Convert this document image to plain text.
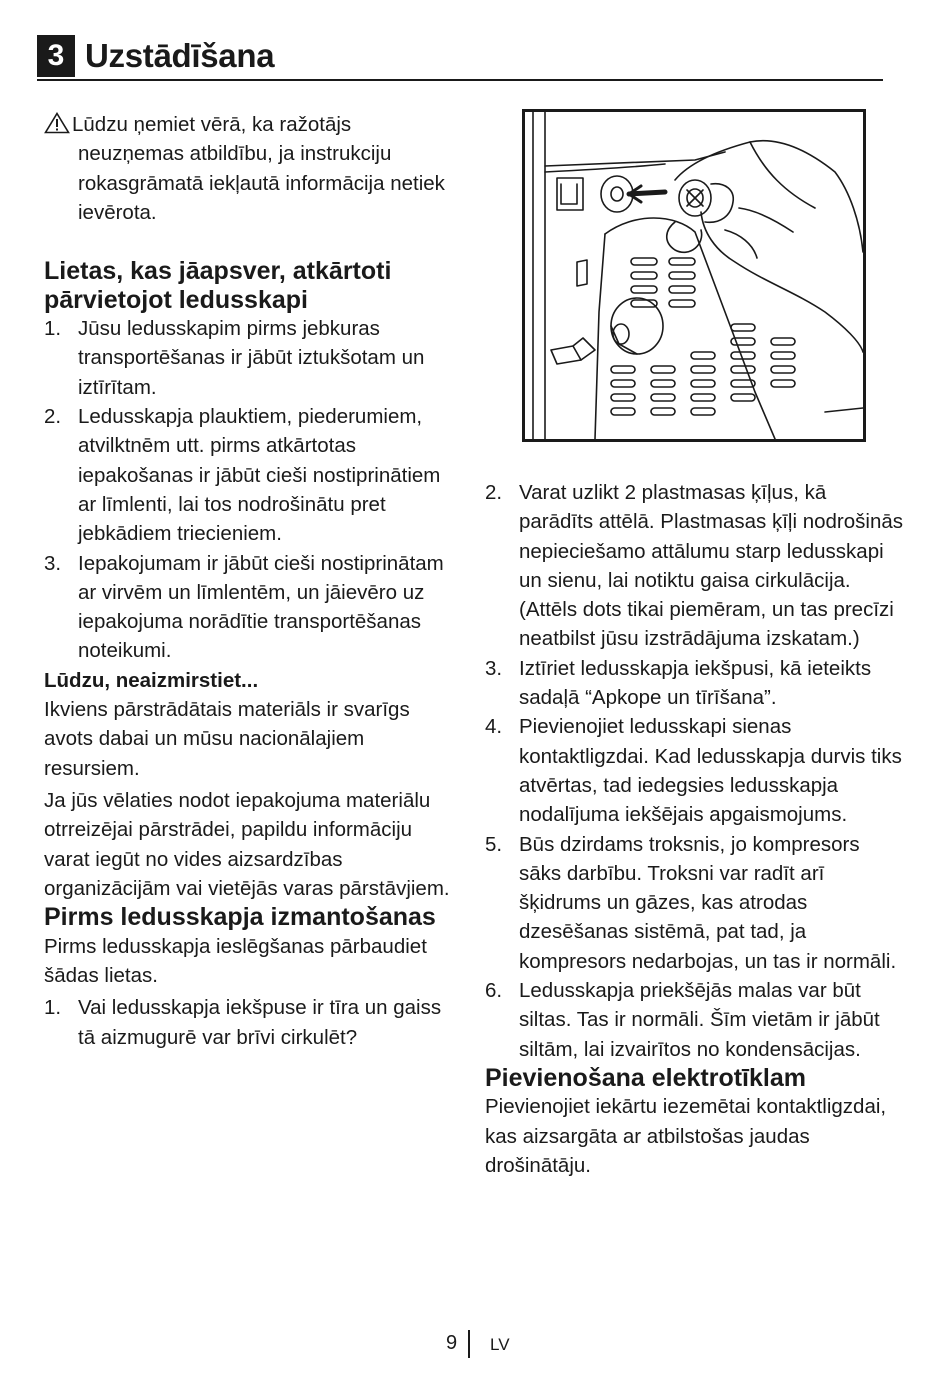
3 Uzstādīšana

Lūdzu ņemiet vērā, ka ražotājs neuzņemas atbildību, ja instrukciju rokasgrāmatā iekļautā informācija netiek ievērota.

Lietas, kas jāapsver, atkārtoti pārvietojot ledusskapi
1. Jūsu ledusskapim pirms jebkuras transportēšanas ir jābūt iztukšotam un iztīrītam.
2. Ledusskapja plauktiem, piederumiem, atvilktnēm utt. pirms atkārtotas iepakošanas ir jābūt cieši nostiprinātiem ar līmlenti, lai tos nodrošinātu pret jebkādiem triecieniem.
3. Iepakojumam ir jābūt cieši nostiprinātam ar virvēm un līmlentēm, un jāievēro uz iepakojuma norādītie transportēšanas noteikumi.

Lūdzu, neaizmirstiet...

Ikviens pārstrādātais materiāls ir svarīgs avots dabai un mūsu nacionālajiem resursiem.

Ja jūs vēlaties nodot iepakojuma materiālu otrreizējai pārstrādei, papildu informāciju varat iegūt no vides aizsardzības organizācijām vai vietējās varas pārstāvjiem.

Pirms ledusskapja izmantošanas

Pirms ledusskapja ieslēgšanas pārbaudiet šādas lietas.

1. Vai ledusskapja iekšpuse ir tīra un gaiss tā aizmugurē var brīvi cirkulēt?
2. Varat uzlikt 2 plastmasas ķīļus, kā parādīts attēlā. Plastmasas ķīļi nodrošinās nepieciešamo attālumu starp ledusskapi un sienu, lai notiktu gaisa cirkulācija. (Attēls dots tikai piemēram, un tas precīzi neatbilst jūsu izstrādājuma izskatam.)
3. Iztīriet ledusskapja iekšpusi, kā ieteikts sadaļā “Apkope un tīrīšana”.
4. Pievienojiet ledusskapi sienas kontaktligzdai. Kad ledusskapja durvis tiks atvērtas, tad iedegsies ledusskapja nodalījuma iekšējais apgaismojums.
5. Būs dzirdams troksnis, jo kompresors sāks darbību. Troksni var radīt arī šķidrums un gāzes, kas atrodas dzesēšanas sistēmā, pat tad, ja kompresors nedarbojas, un tas ir normāli.
6. Ledusskapja priekšējās malas var būt siltas. Tas ir normāli. Šīm vietām ir jābūt siltām, lai izvairītos no kondensācijas.
Pievienošana elektrotīklam

Pievienojiet iekārtu iezemētai kontaktligzdai, kas aizsargāta ar atbilstošas jaudas drošinātāju.

9 LV
